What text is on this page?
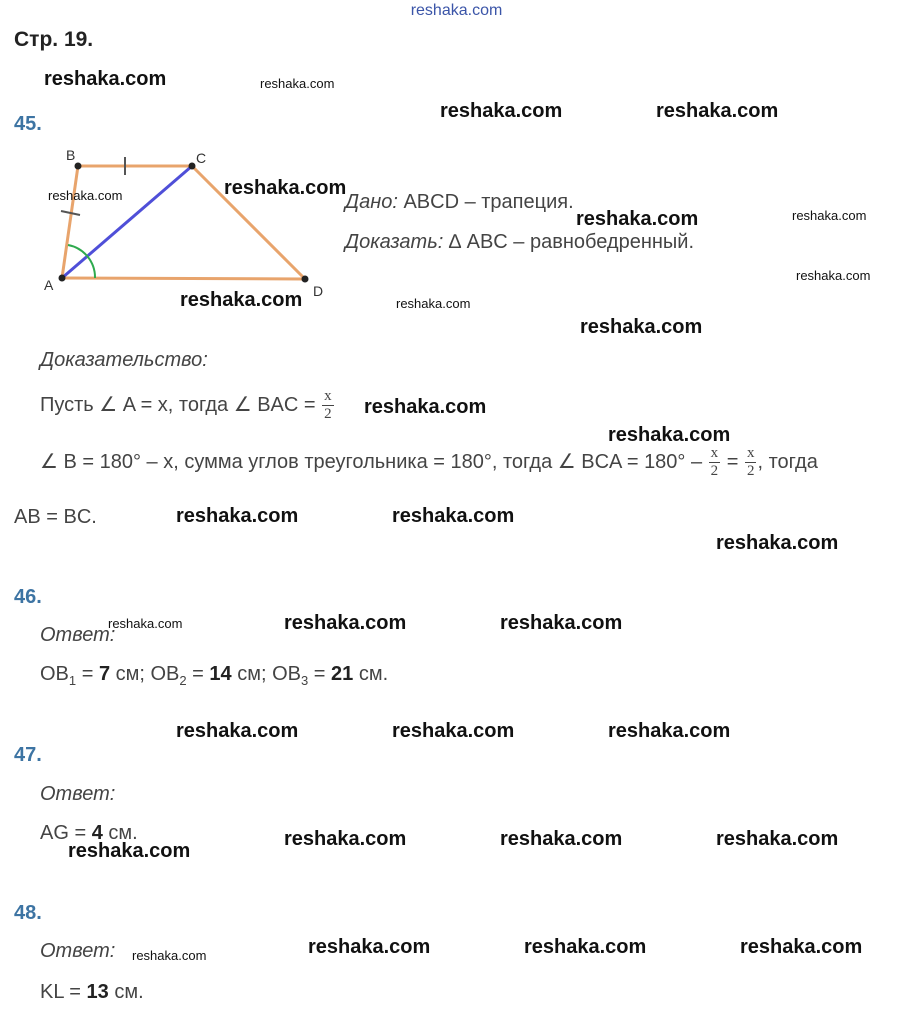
reshaka.com
Стр. 19.
45.
B	C
A	D
Дано: ABCD – трапеция.
Доказать: ∆ ABC – равнобедренный.
Доказательство:
Пусть ∠ A = x, тогда ∠ BAC = $\frac{x}{2}$
∠ B = 180° – x, сумма углов треугольника = 180°, тогда ∠ BCA = $180^\circ - \frac{x}{2} = \frac{x}{2}$ , тогда
AB = BC.
46.
Ответ:
$OB_1 = 7$ см; $OB_2 = 14$ см; $OB_3 = 21$ см.
47.
Ответ:
AG = 4 см.
48.
Ответ:
KL = 13 см.
reshaka.com
reshaka.com	reshaka.com
reshaka.com
reshaka.com
reshaka.com
reshaka.com
reshaka.com
reshaka.com
reshaka.com	reshaka.com
reshaka.com
reshaka.com	reshaka.com
reshaka.com	reshaka.com	reshaka.com
reshaka.com	reshaka.com	reshaka.com
reshaka.com
reshaka.com	reshaka.com	reshaka.com
reshaka.com
reshaka.com
reshaka.com
reshaka.com
reshaka.com
reshaka.com
reshaka.com
